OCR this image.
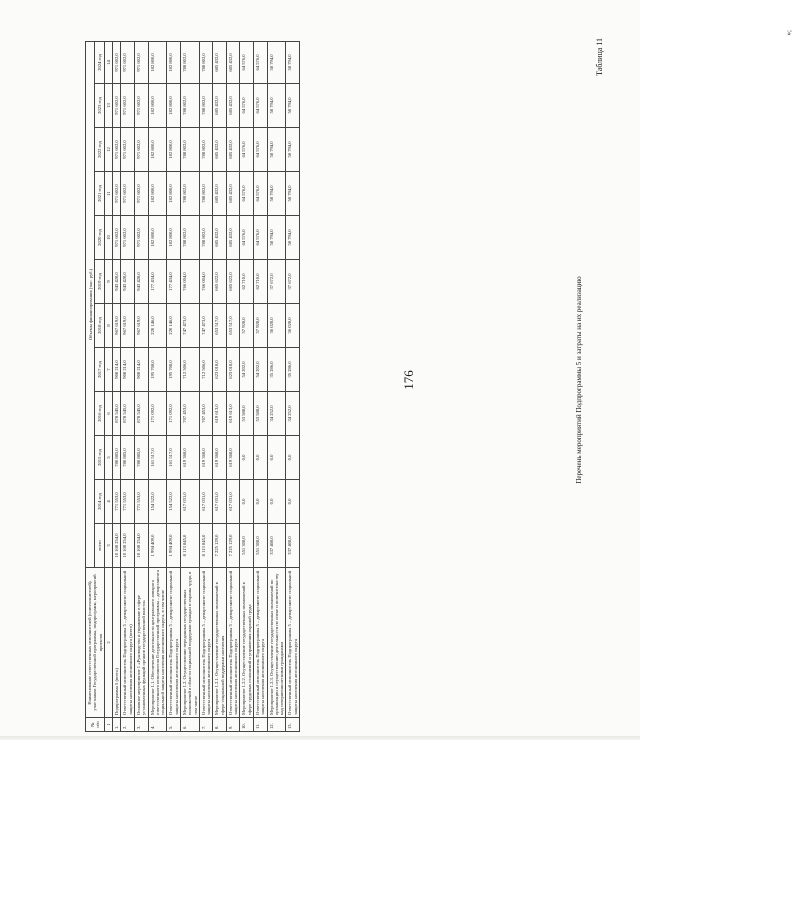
176
Таблица 11
Перечень мероприятий Подпрограммы 5 и затраты на их реализацию
№ п/п	Наименование ответственных исполнителей (соисполнителей), участников Государственной программы, подпрограмм, мероприятий проектов	Объемы финансирования (тыс. руб.)											
		всего	2014 год	2015 год	2016 год	2017 год	2018 год	2019 год	2020 год	2021 год	2022 год	2023 год	2024 год
1	2	3	4	5	6	7	8	9	10	11	12	13	14
1.	Подпрограмма 5 (всего)	10 108 254,0	771 553,0	780 885,0	878 545,0	908 214,0	967 619,0	943 428,0	971 602,0	971 602,0	971 602,0	971 602,0	971 602,0
2.	Ответственный исполнитель Подпрограммы 5 – департамент социальной защиты населения автономного округа (всего)	10 108 254,0	771 553,0	780 885,0	878 545,0	908 214,0	967 619,0	943 428,0	971 602,0	971 602,0	971 602,0	971 602,0	971 602,0
3.	Основное мероприятие 1 «Руководство и управление в сфере установленных функций органов государственной власти»	10 108 254,0	771 553,0	780 885,0	878 545,0	908 214,0	967 619,0	943 428,0	971 602,0	971 602,0	971 602,0	971 602,0	971 602,0
4.	Мероприятие 1.1. Обеспечение деятельности центрального аппарата ответственного исполнителя Государственной программы – департамента социальной защиты населения автономного округа, в том числе	1 994 409,0	154 522,0	161 517,0	171 092,0	195 708,0	220 146,0	177 434,0	182 800,0	182 800,0	182 800,0	182 800,0	182 800,0
5.	Ответственный исполнитель Подпрограммы 5 – департамент социальной защиты населения автономного округа	1 994 409,0	154 522,0	161 517,0	171 092,0	195 708,0	220 146,0	177 434,0	182 800,0	182 800,0	182 800,0	182 800,0	182 800,0
6.	Мероприятие 1.2. Осуществление переданных государственных полномочий в области социальной поддержки граждан и охраны труда, в том числе	8 113 845,0	617 031,0	619 368,0	707 453,0	712 506,0	747 473,0	766 004,0	788 802,0	788 802,0	788 802,0	788 802,0	788 802,0
7.	Ответственный исполнитель Подпрограммы 5 – департамент социальной защиты населения автономного округа	8 113 845,0	617 031,0	619 368,0	707 453,0	712 506,0	747 473,0	766 004,0	788 802,0	788 802,0	788 802,0	788 802,0	788 802,0
8.	Мероприятие 1.2.1. Осуществление государственных полномочий в сфере социальной поддержки населения	7 225 129,0	617 031,0	619 368,0	619 613,0	623 018,0	653 517,0	665 622,0	685 432,0	685 432,0	685 432,0	685 432,0	685 432,0
9.	Ответственный исполнитель Подпрограммы 5 – департамент социальной защиты населения автономного округа	7 225 129,0	617 031,0	619 368,0	619 613,0	623 018,0	653 517,0	665 622,0	685 432,0	685 432,0	685 432,0	685 432,0	685 432,0
10.	Мероприятие 1.2.2. Осуществление государственных полномочий в сфере трудовых отношений и управления охраной труда	551 308,0	0,0	0,0	53 588,0	54 202,0	57 928,0	62 710,0	64 576,0	64 576,0	64 576,0	64 576,0	64 576,0
11.	Ответственный исполнитель Подпрограммы 5 – департамент социальной защиты населения автономного округа	551 308,0	0,0	0,0	53 588,0	54 202,0	57 928,0	62 710,0	64 576,0	64 576,0	64 576,0	64 576,0	64 576,0
12.	Мероприятие 1.2.3. Осуществление государственных полномочий по организации и осуществлению деятельности по опеке и попечительству над совершеннолетними гражданами	337 408,0	0,0	0,0	34 252,0	35 286,0	36 028,0	37 672,0	58 794,0	58 794,0	58 794,0	58 794,0	58 794,0
13.	Ответственный исполнитель Подпрограммы 5 – департамент социальной защиты населения автономного округа	337 408,0	0,0	0,0	34 252,0	35 286,0	36 028,0	37 672,0	58 794,0	58 794,0	58 794,0	58 794,0	58 794,0
»;
